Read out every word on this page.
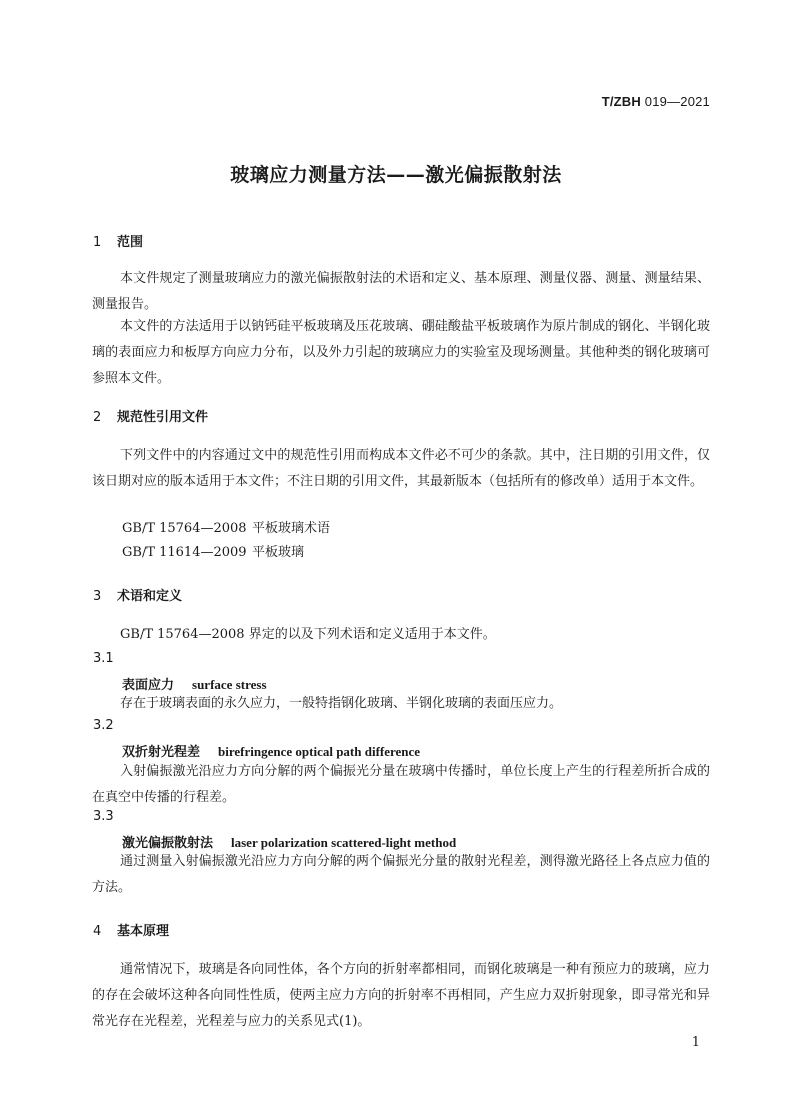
T/ZBH 019—2021
玻璃应力测量方法——激光偏振散射法
1 范围
本文件规定了测量玻璃应力的激光偏振散射法的术语和定义、基本原理、测量仪器、测量、测量结果、测量报告。
本文件的方法适用于以钠钙硅平板玻璃及压花玻璃、硼硅酸盐平板玻璃作为原片制成的钢化、半钢化玻璃的表面应力和板厚方向应力分布，以及外力引起的玻璃应力的实验室及现场测量。其他种类的钢化玻璃可参照本文件。
2 规范性引用文件
下列文件中的内容通过文中的规范性引用而构成本文件必不可少的条款。其中，注日期的引用文件，仅该日期对应的版本适用于本文件；不注日期的引用文件，其最新版本（包括所有的修改单）适用于本文件。
GB/T 15764—2008 平板玻璃术语
GB/T 11614—2009 平板玻璃
3 术语和定义
GB/T 15764—2008 界定的以及下列术语和定义适用于本文件。
3.1
表面应力 surface stress
存在于玻璃表面的永久应力，一般特指钢化玻璃、半钢化玻璃的表面压应力。
3.2
双折射光程差 birefringence optical path difference
入射偏振激光沿应力方向分解的两个偏振光分量在玻璃中传播时，单位长度上产生的行程差所折合成的在真空中传播的行程差。
3.3
激光偏振散射法 laser polarization scattered-light method
通过测量入射偏振激光沿应力方向分解的两个偏振光分量的散射光程差，测得激光路径上各点应力值的方法。
4 基本原理
通常情况下，玻璃是各向同性体，各个方向的折射率都相同，而钢化玻璃是一种有预应力的玻璃，应力的存在会破坏这种各向同性性质，使两主应力方向的折射率不再相同，产生应力双折射现象，即寻常光和异常光存在光程差，光程差与应力的关系见式(1)。
1
